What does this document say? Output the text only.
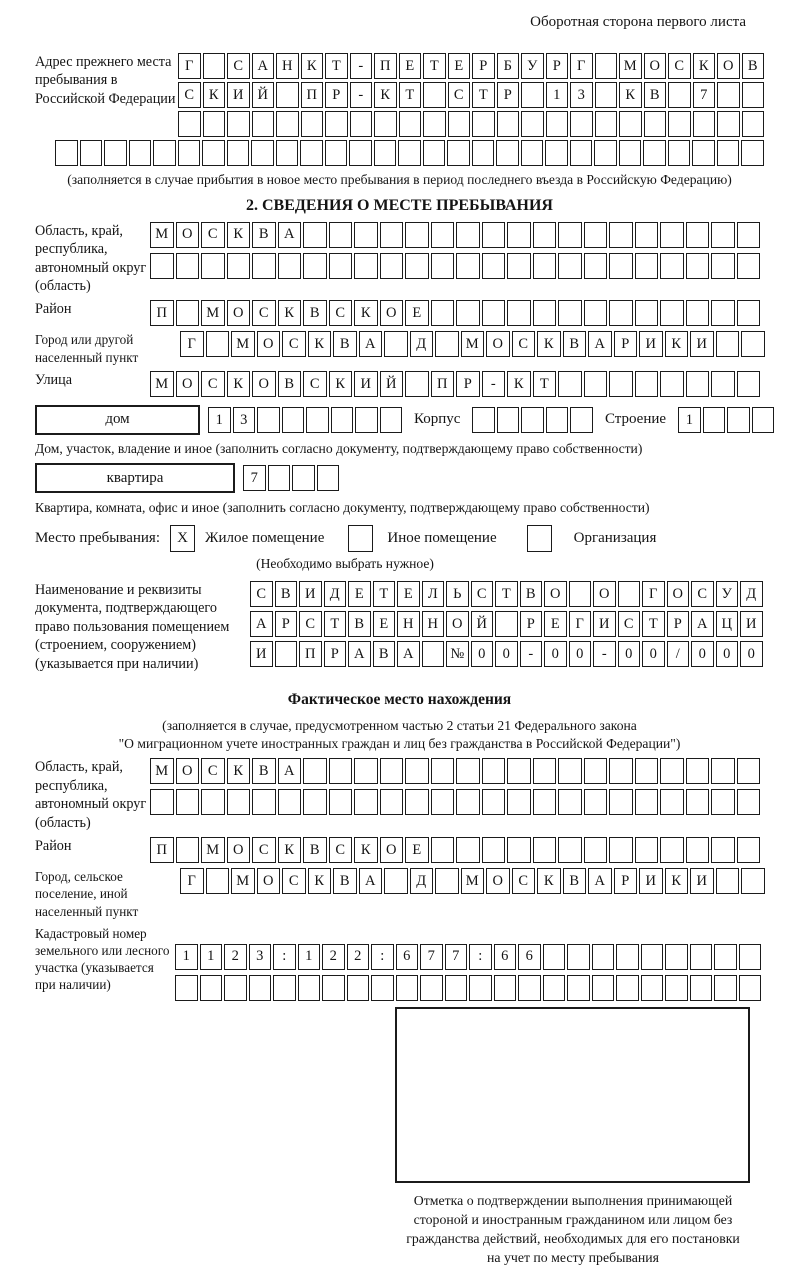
Оборотная сторона первого листа
Адрес прежнего места пребывания в Российской Федерации
Г	С А Н К	Т	-	П	Е	Т	Е	Р	Б	У	Р	Г	М О С	К О В
С	К И Й	П	Р	-	К	Т	С	Т	Р	1	3	К	В	7
(заполняется в случае прибытия в новое место пребывания в период последнего въезда в Российскую Федерацию)
2. СВЕДЕНИЯ О МЕСТЕ ПРЕБЫВАНИЯ
Область, край, республика, автономный округ (область)
М О	С	К	В	А
Район	П	М О	С	К	В	С	К	О	Е
Город или другой населенный пункт
Г	М О	С	К	В	А	Д	М О	С	К	В	А	Р	И	К	И
Улица	М О	С	К	О	В	С	К	И	Й	П	Р	-	К	Т
дом	1	3	Корпус	Строение	1
Дом, участок, владение и иное (заполнить согласно документу, подтверждающему право собственности)
квартира	7
Квартира, комната, офис и иное (заполнить согласно документу, подтверждающему право собственности)
Место пребывания: X Жилое помещение	Иное помещение	Организация
(Необходимо выбрать нужное)
Наименование и реквизиты документа, подтверждающего право пользования помещением (строением, сооружением) (указывается при наличии)
С	В И Д	Е	Т	Е	Л	Ь	С	Т	В О	О	Г	О С	У Д
А	Р	С	Т	В	Е	Н Н О Й	Р	Е	Г	И С	Т	Р	А Ц И
И	П	Р	А В А	№ 0	0	-	0	0	-	0	0	/	0	0	0
Фактическое место нахождения
(заполняется в случае, предусмотренном частью 2 статьи 21 Федерального закона
"О миграционном учете иностранных граждан и лиц без гражданства в Российской Федерации")
Область, край, республика, автономный округ (область)
М О	С	К	В	А
Район	П	М О	С	К	В	С	К	О	Е
Город, сельское поселение, иной населенный пункт
Г	М О	С	К	В	А	Д	М О	С	К	В	А	Р	И	К	И
Кадастровый номер земельного или лесного участка (указывается при наличии)
1	1	2	3	:	1	2	2	:	6	7	7	:	6	6
Отметка о подтверждении выполнения принимающей
стороной и иностранным гражданином или лицом без
гражданства действий, необходимых для его постановки
на учет по месту пребывания
